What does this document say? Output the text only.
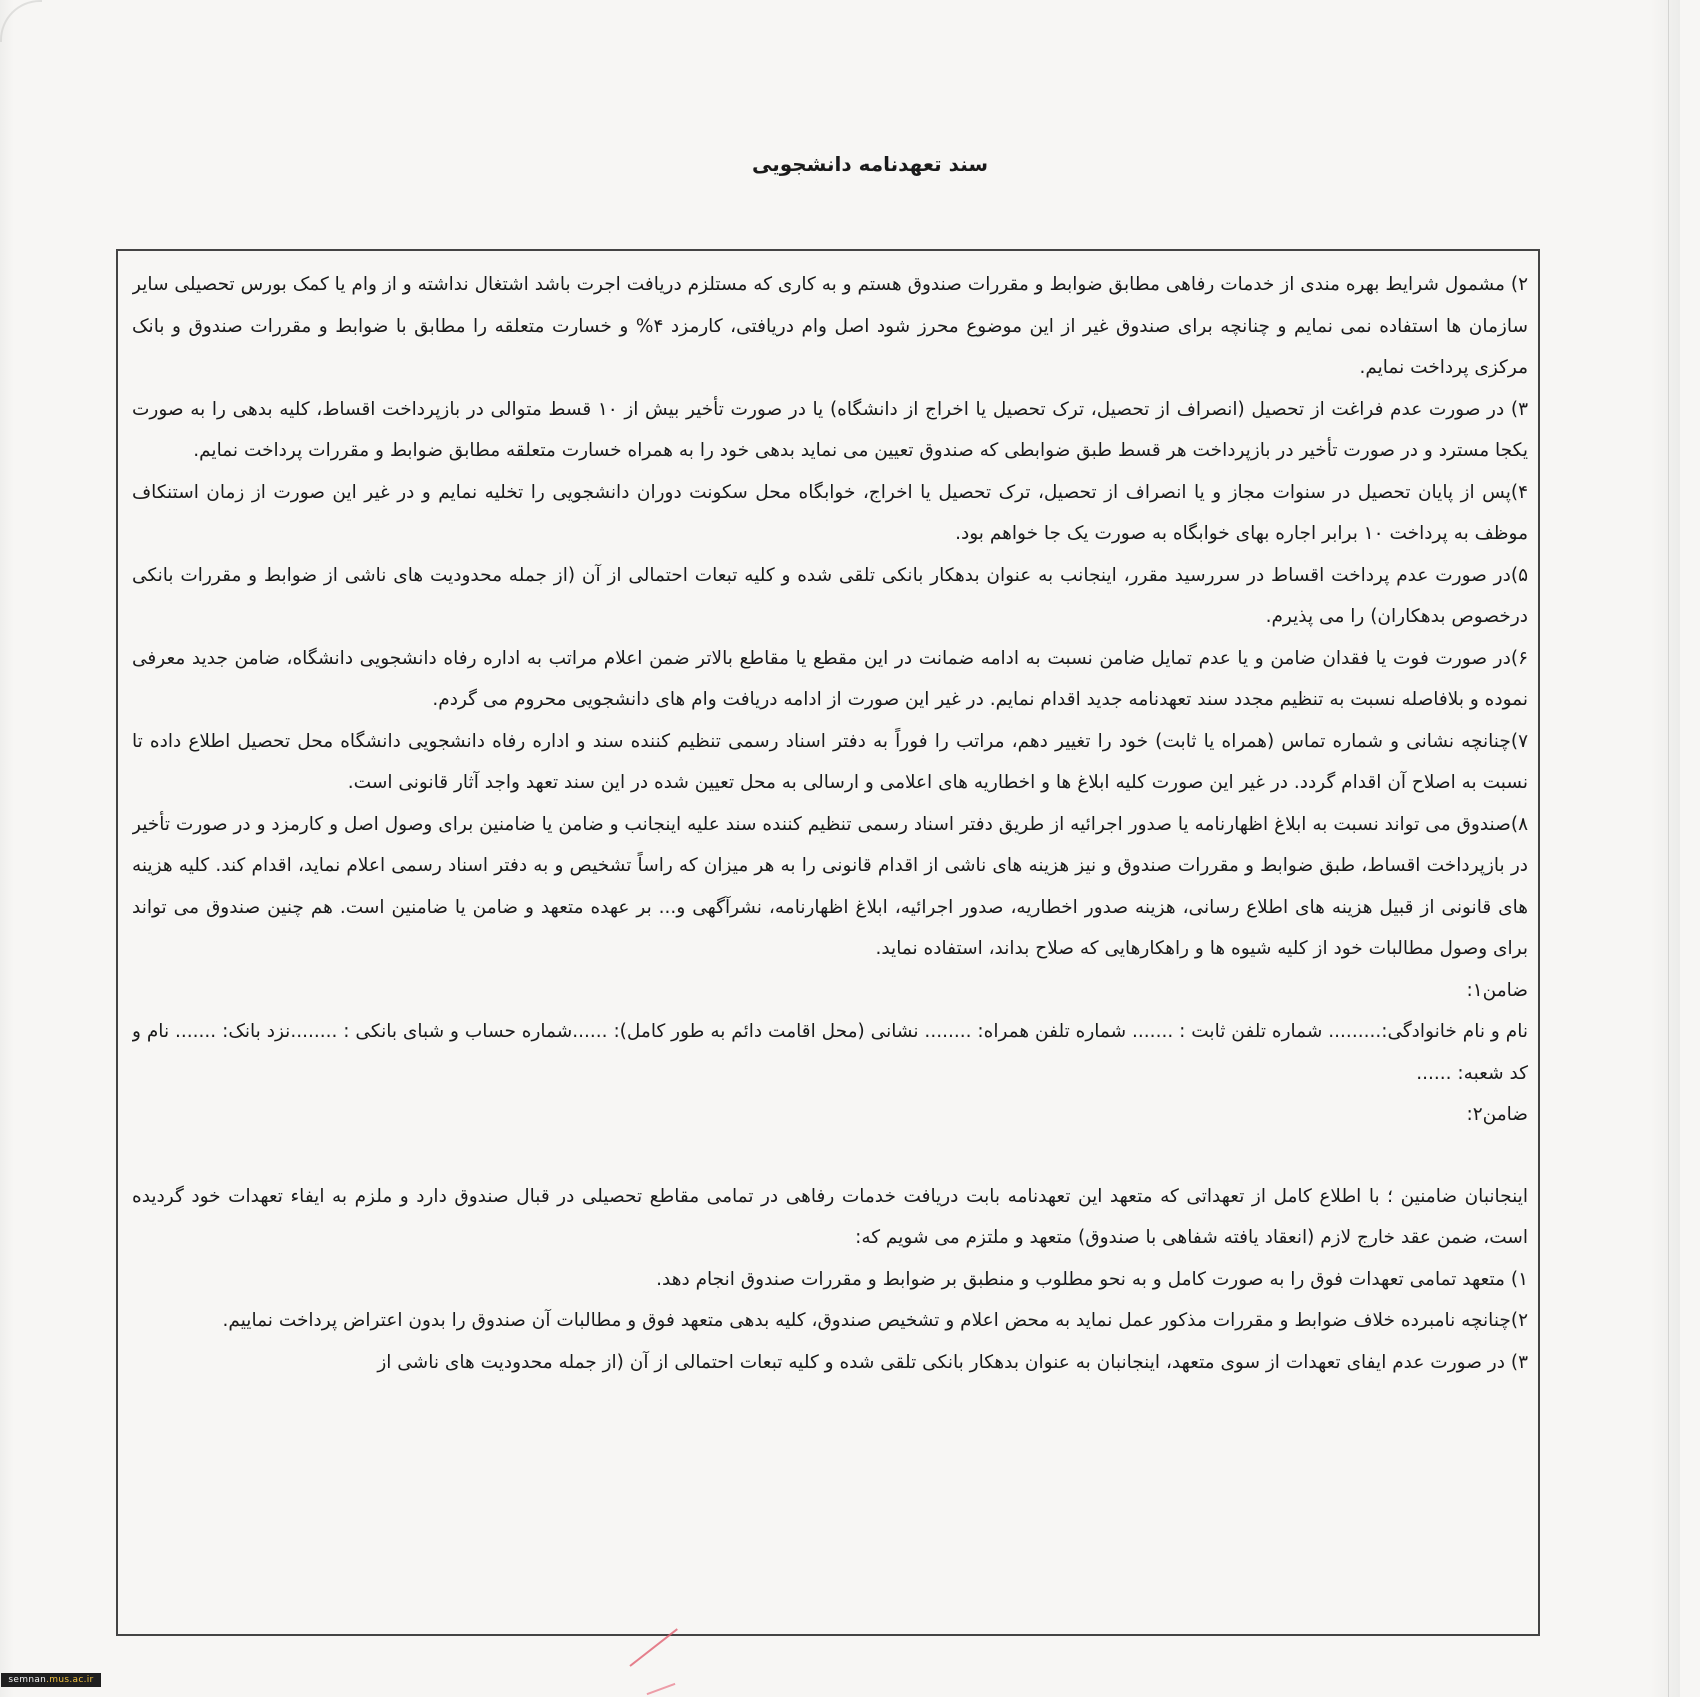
سند تعهدنامه دانشجویی

۲) مشمول شرایط بهره مندی از خدمات رفاهی مطابق ضوابط و مقررات صندوق هستم و به کاری که مستلزم دریافت اجرت باشد اشتغال نداشته و از وام یا کمک بورس تحصیلی سایر سازمان ها استفاده نمی نمایم و چنانچه برای صندوق غیر از این موضوع محرز شود اصل وام دریافتی، کارمزد ۴% و خسارت متعلقه را مطابق با ضوابط و مقررات صندوق و بانک مرکزی پرداخت نمایم.

۳) در صورت عدم فراغت از تحصیل (انصراف از تحصیل، ترک تحصیل یا اخراج از دانشگاه) یا در صورت تأخیر بیش از ۱۰ قسط متوالی در بازپرداخت اقساط، کلیه بدهی را به صورت یکجا مسترد و در صورت تأخیر در بازپرداخت هر قسط طبق ضوابطی که صندوق تعیین می نماید بدهی خود را به همراه خسارت متعلقه مطابق ضوابط و مقررات پرداخت نمایم.

۴)پس از پایان تحصیل در سنوات مجاز و یا انصراف از تحصیل، ترک تحصیل یا اخراج، خوابگاه محل سکونت دوران دانشجویی را تخلیه نمایم و در غیر این صورت از زمان استنکاف موظف به پرداخت ۱۰ برابر اجاره بهای خوابگاه به صورت یک جا خواهم بود.

۵)در صورت عدم پرداخت اقساط در سررسید مقرر، اینجانب به عنوان بدهکار بانکی تلقی شده و کلیه تبعات احتمالی از آن (از جمله محدودیت های ناشی از ضوابط و مقررات بانکی درخصوص بدهکاران) را می پذیرم.

۶)در صورت فوت یا فقدان ضامن و یا عدم تمایل ضامن نسبت به ادامه ضمانت در این مقطع یا مقاطع بالاتر ضمن اعلام مراتب به اداره رفاه دانشجویی دانشگاه، ضامن جدید معرفی نموده و بلافاصله نسبت به تنظیم مجدد سند تعهدنامه جدید اقدام نمایم. در غیر این صورت از ادامه دریافت وام های دانشجویی محروم می گردم.

۷)چنانچه نشانی و شماره تماس (همراه یا ثابت) خود را تغییر دهم، مراتب را فوراً به دفتر اسناد رسمی تنظیم کننده سند و اداره رفاه دانشجویی دانشگاه محل تحصیل اطلاع داده تا نسبت به اصلاح آن اقدام گردد. در غیر این صورت کلیه ابلاغ ها و اخطاریه های اعلامی و ارسالی به محل تعیین شده در این سند تعهد واجد آثار قانونی است.

۸)صندوق می تواند نسبت به ابلاغ اظهارنامه یا صدور اجرائیه از طریق دفتر اسناد رسمی تنظیم کننده سند علیه اینجانب و ضامن یا ضامنین برای وصول اصل و کارمزد و در صورت تأخیر در بازپرداخت اقساط، طبق ضوابط و مقررات صندوق و نیز هزینه های ناشی از اقدام قانونی را به هر میزان که راساً تشخیص و به دفتر اسناد رسمی اعلام نماید، اقدام کند. کلیه هزینه های قانونی از قبیل هزینه های اطلاع رسانی، هزینه صدور اخطاریه، صدور اجرائیه، ابلاغ اظهارنامه، نشرآگهی و... بر عهده متعهد و ضامن یا ضامنین است. هم چنین صندوق می تواند برای وصول مطالبات خود از کلیه شیوه ها و راهکارهایی که صلاح بداند، استفاده نماید.

ضامن۱:

نام و نام خانوادگی:......... شماره تلفن ثابت : ....... شماره تلفن همراه: ........ نشانی (محل اقامت دائم به طور کامل): ......شماره حساب و شبای بانکی : ........نزد بانک: ....... نام و کد شعبه: ......

ضامن۲:

اینجانبان ضامنین ؛ با اطلاع کامل از تعهداتی که متعهد این تعهدنامه بابت دریافت خدمات رفاهی در تمامی مقاطع تحصیلی در قبال صندوق دارد و ملزم به ایفاء تعهدات خود گردیده است، ضمن عقد خارج لازم (انعقاد یافته شفاهی با صندوق) متعهد و ملتزم می شویم که:

۱) متعهد تمامی تعهدات فوق را به صورت کامل و به نحو مطلوب و منطبق بر ضوابط و مقررات صندوق انجام دهد.

۲)چنانچه نامبرده خلاف ضوابط و مقررات مذکور عمل نماید به محض اعلام و تشخیص صندوق، کلیه بدهی متعهد فوق و مطالبات آن صندوق را بدون اعتراض پرداخت نماییم.

۳) در صورت عدم ایفای تعهدات از سوی متعهد، اینجانبان به عنوان بدهکار بانکی تلقی شده و کلیه تبعات احتمالی از آن (از جمله محدودیت های ناشی از

semnan.mus.ac.ir
